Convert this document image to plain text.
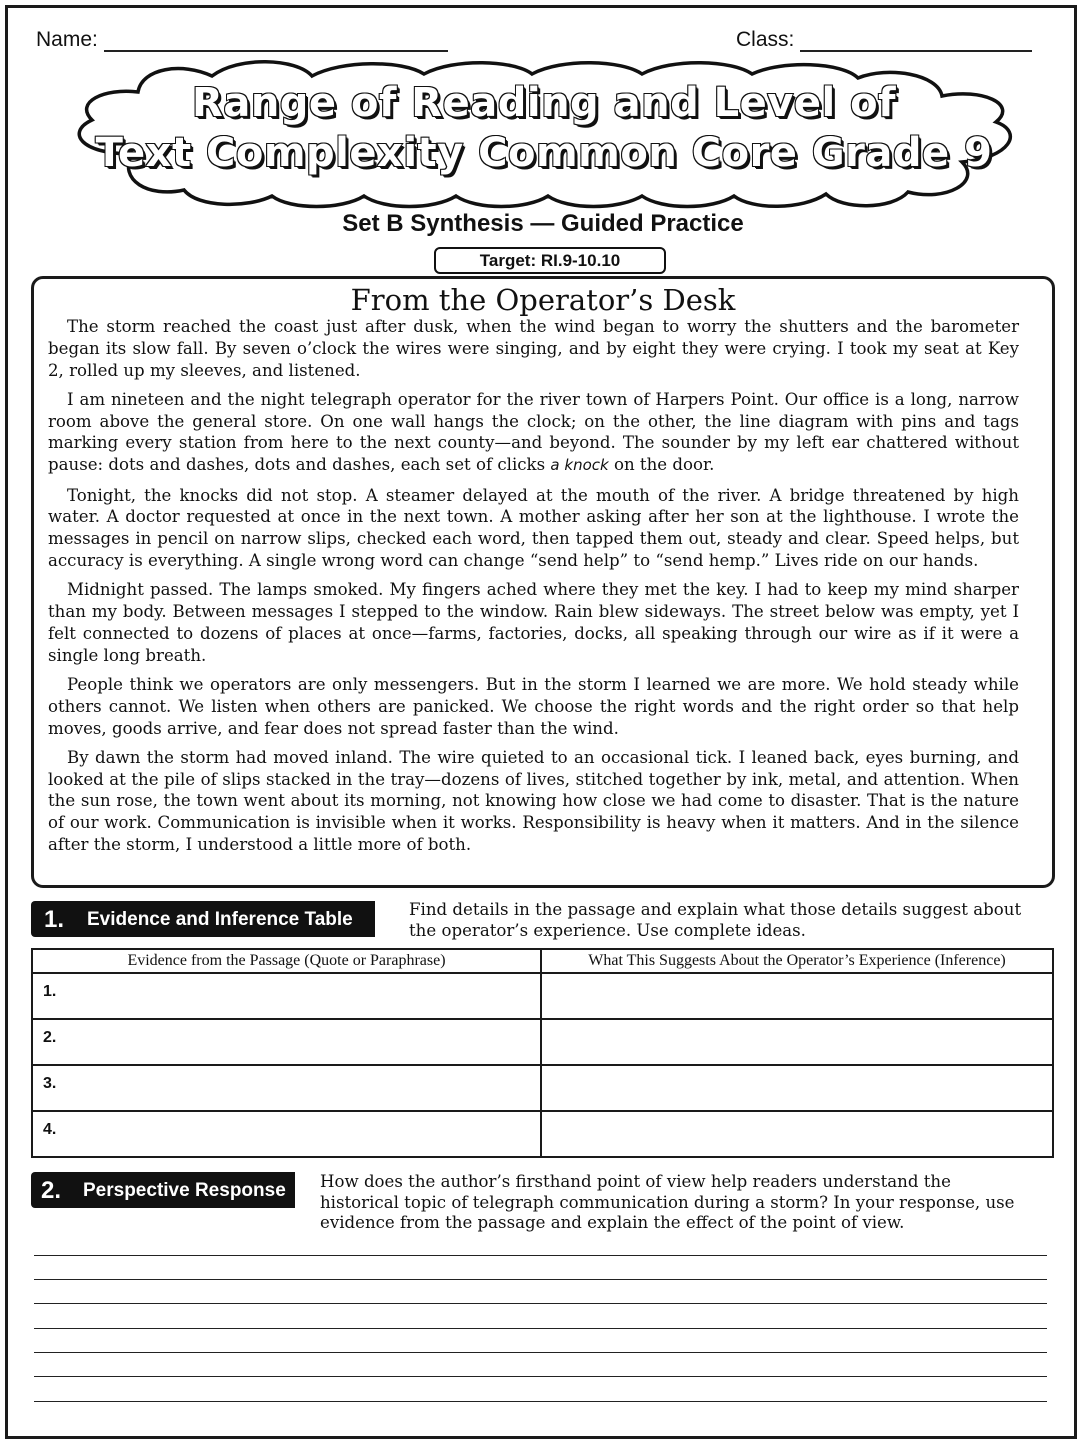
Name:	Class:
Range of Reading and Level of
Text Complexity Common Core Grade 9
Set B Synthesis — Guided Practice
Target: RI.9-10.10
From the Operator’s Desk

The storm reached the coast just after dusk, when the wind began to worry the shutters and the barometer began its slow fall. By seven o’clock the wires were singing, and by eight they were crying. I took my seat at Key 2, rolled up my sleeves, and listened.

I am nineteen and the night telegraph operator for the river town of Harpers Point. Our office is a long, narrow room above the general store. On one wall hangs the clock; on the other, the line diagram with pins and tags marking every station from here to the next county—and beyond. The sounder by my left ear chattered without pause: dots and dashes, dots and dashes, each set of clicks a knock on the door.

Tonight, the knocks did not stop. A steamer delayed at the mouth of the river. A bridge threatened by high water. A doctor requested at once in the next town. A mother asking after her son at the lighthouse. I wrote the messages in pencil on narrow slips, checked each word, then tapped them out, steady and clear. Speed helps, but accuracy is everything. A single wrong word can change “send help” to “send hemp.” Lives ride on our hands.

Midnight passed. The lamps smoked. My fingers ached where they met the key. I had to keep my mind sharper than my body. Between messages I stepped to the window. Rain blew sideways. The street below was empty, yet I felt connected to dozens of places at once—farms, factories, docks, all speaking through our wire as if it were a single long breath.

People think we operators are only messengers. But in the storm I learned we are more. We hold steady while others cannot. We listen when others are panicked. We choose the right words and the right order so that help moves, goods arrive, and fear does not spread faster than the wind.

By dawn the storm had moved inland. The wire quieted to an occasional tick. I leaned back, eyes burning, and looked at the pile of slips stacked in the tray—dozens of lives, stitched together by ink, metal, and attention. When the sun rose, the town went about its morning, not knowing how close we had come to disaster. That is the nature of our work. Communication is invisible when it works. Responsibility is heavy when it matters. And in the silence after the storm, I understood a little more of both.

1. Evidence and Inference Table	Find details in the passage and explain what those details suggest about the operator’s experience. Use complete ideas.
Evidence from the Passage (Quote or Paraphrase)	What This Suggests About the Operator’s Experience (Inference)
1.	
2.	
3.	
4.	
2. Perspective Response How does the author’s firsthand point of view help readers understand the historical topic of telegraph communication during a storm? In your response, use evidence from the passage and explain the effect of the point of view.
